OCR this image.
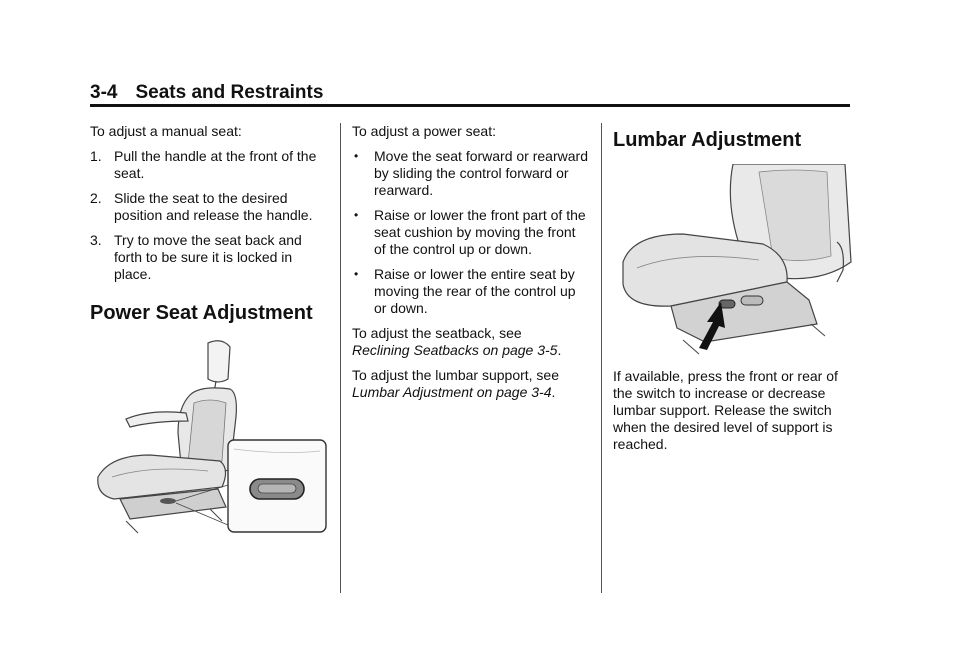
3-4 Seats and Restraints

To adjust a manual seat:

1. Pull the handle at the front of the seat.
2. Slide the seat to the desired position and release the handle.
3. Try to move the seat back and forth to be sure it is locked in place.
Power Seat Adjustment

To adjust a power seat:

• Move the seat forward or rearward by sliding the control forward or rearward.
• Raise or lower the front part of the seat cushion by moving the front of the control up or down.
• Raise or lower the entire seat by moving the rear of the control up or down.

To adjust the seatback, see
Reclining Seatbacks on page 3-5.

To adjust the lumbar support, see
Lumbar Adjustment on page 3-4.

Lumbar Adjustment

If available, press the front or rear of the switch to increase or decrease lumbar support. Release the switch when the desired level of support is reached.
